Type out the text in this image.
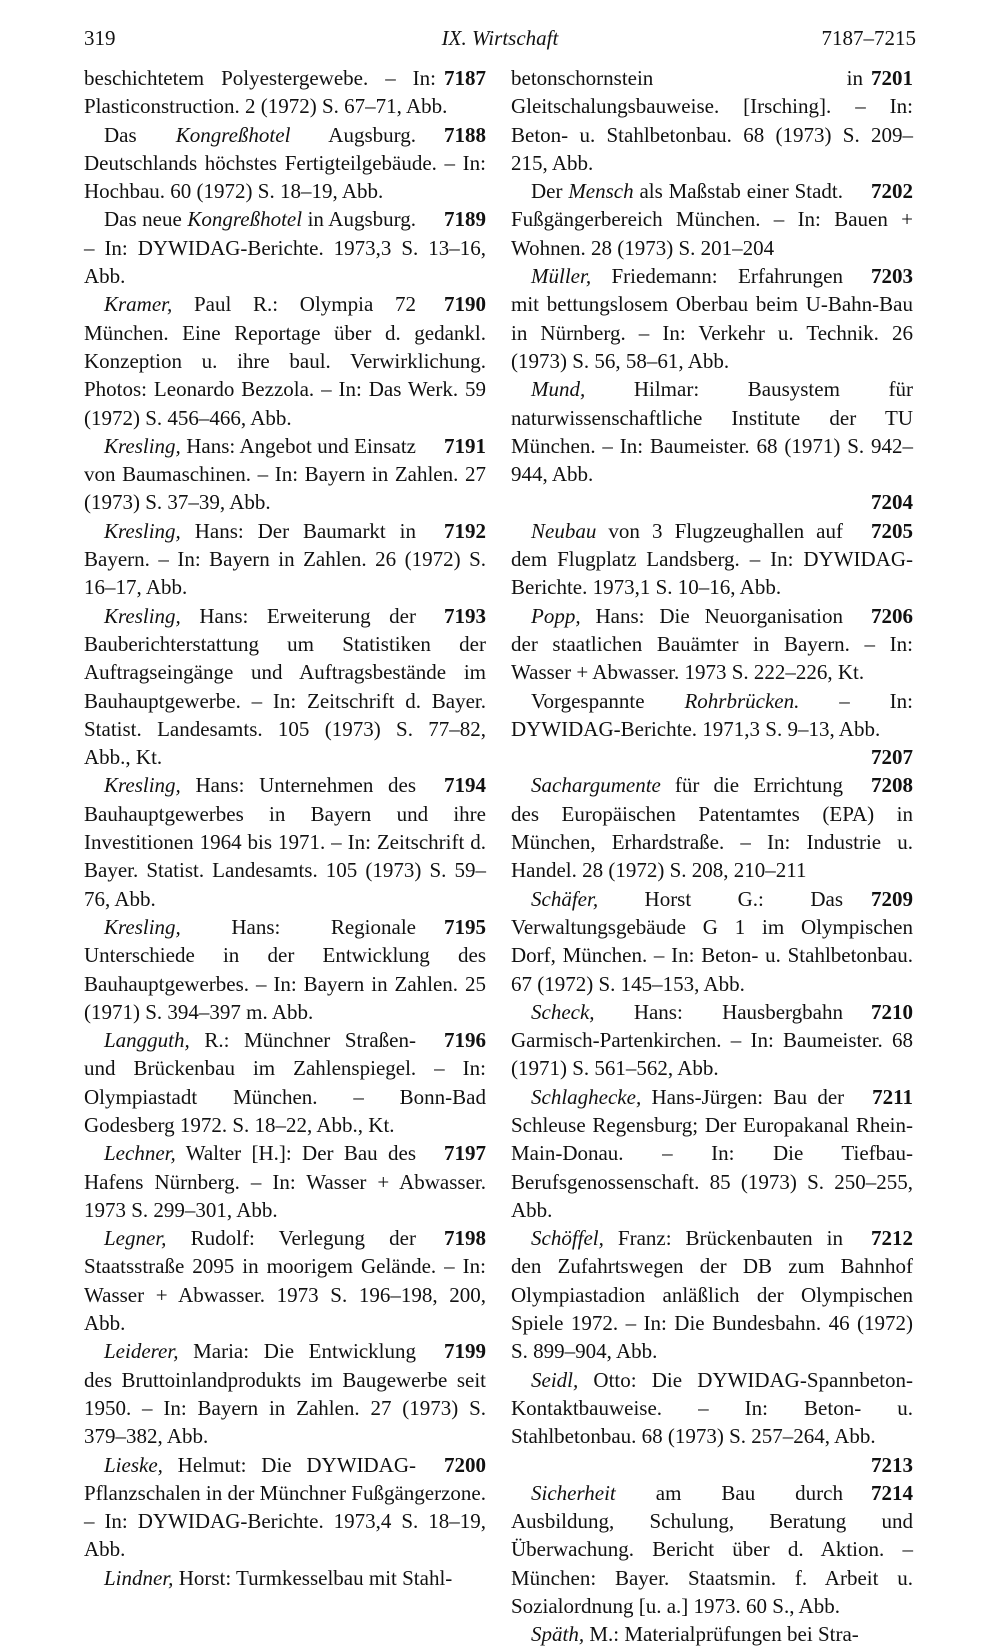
319	IX. Wirtschaft	7187–7215
7187
beschichtetem Polyestergewebe. – In: Plasticonstruction. 2 (1972) S. 67–71, Abb.
7188
Das Kongreßhotel Augsburg. Deutschlands höchstes Fertigteilgebäude. – In: Hochbau. 60 (1972) S. 18–19, Abb.
7189
Das neue Kongreßhotel in Augsburg. – In: DYWIDAG-Berichte. 1973,3 S. 13–16, Abb.
7190
Kramer, Paul R.: Olympia 72 München. Eine Reportage über d. gedankl. Konzeption u. ihre baul. Verwirklichung. Photos: Leonardo Bezzola. – In: Das Werk. 59 (1972) S. 456–466, Abb.
7191
Kresling, Hans: Angebot und Einsatz von Baumaschinen. – In: Bayern in Zahlen. 27 (1973) S. 37–39, Abb.
7192
Kresling, Hans: Der Baumarkt in Bayern. – In: Bayern in Zahlen. 26 (1972) S. 16–17, Abb.
7193
Kresling, Hans: Erweiterung der Bauberichterstattung um Statistiken der Auftragseingänge und Auftragsbestände im Bauhauptgewerbe. – In: Zeitschrift d. Bayer. Statist. Landesamts. 105 (1973) S. 77–82, Abb., Kt.
7194
Kresling, Hans: Unternehmen des Bauhauptgewerbes in Bayern und ihre Investitionen 1964 bis 1971. – In: Zeitschrift d. Bayer. Statist. Landesamts. 105 (1973) S. 59–76, Abb.
7195
Kresling, Hans: Regionale Unterschiede in der Entwicklung des Bauhauptgewerbes. – In: Bayern in Zahlen. 25 (1971) S. 394–397 m. Abb.
7196
Langguth, R.: Münchner Straßen- und Brückenbau im Zahlenspiegel. – In: Olympiastadt München. – Bonn-Bad Godesberg 1972. S. 18–22, Abb., Kt.
7197
Lechner, Walter [H.]: Der Bau des Hafens Nürnberg. – In: Wasser + Abwasser. 1973 S. 299–301, Abb.
7198
Legner, Rudolf: Verlegung der Staatsstraße 2095 in moorigem Gelände. – In: Wasser + Abwasser. 1973 S. 196–198, 200, Abb.
7199
Leiderer, Maria: Die Entwicklung des Bruttoinlandprodukts im Baugewerbe seit 1950. – In: Bayern in Zahlen. 27 (1973) S. 379–382, Abb.
7200
Lieske, Helmut: Die DYWIDAG-Pflanzschalen in der Münchner Fußgängerzone. – In: DYWIDAG-Berichte. 1973,4 S. 18–19, Abb.
Lindner, Horst: Turmkesselbau mit Stahl-
7201
betonschornstein in Gleitschalungsbauweise. [Irsching]. – In: Beton- u. Stahlbetonbau. 68 (1973) S. 209–215, Abb.
7202
Der Mensch als Maßstab einer Stadt. Fußgängerbereich München. – In: Bauen + Wohnen. 28 (1973) S. 201–204
7203
Müller, Friedemann: Erfahrungen mit bettungslosem Oberbau beim U-Bahn-Bau in Nürnberg. – In: Verkehr u. Technik. 26 (1973) S. 56, 58–61, Abb.
Mund, Hilmar: Bausystem für naturwissenschaftliche Institute der TU München. – In: Baumeister. 68 (1971) S. 942–944, Abb.
7204
7205
Neubau von 3 Flugzeughallen auf dem Flugplatz Landsberg. – In: DYWIDAG-Berichte. 1973,1 S. 10–16, Abb.
7206
Popp, Hans: Die Neuorganisation der staatlichen Bauämter in Bayern. – In: Wasser + Abwasser. 1973 S. 222–226, Kt.
Vorgespannte Rohrbrücken. – In: DYWIDAG-Berichte. 1971,3 S. 9–13, Abb.
7207
7208
Sachargumente für die Errichtung des Europäischen Patentamtes (EPA) in München, Erhardstraße. – In: Industrie u. Handel. 28 (1972) S. 208, 210–211
7209
Schäfer, Horst G.: Das Verwaltungsgebäude G 1 im Olympischen Dorf, München. – In: Beton- u. Stahlbetonbau. 67 (1972) S. 145–153, Abb.
7210
Scheck, Hans: Hausbergbahn Garmisch-Partenkirchen. – In: Baumeister. 68 (1971) S. 561–562, Abb.
7211
Schlaghecke, Hans-Jürgen: Bau der Schleuse Regensburg; Der Europakanal Rhein-Main-Donau. – In: Die Tiefbau-Berufsgenossenschaft. 85 (1973) S. 250–255, Abb.
7212
Schöffel, Franz: Brückenbauten in den Zufahrtswegen der DB zum Bahnhof Olympiastadion anläßlich der Olympischen Spiele 1972. – In: Die Bundesbahn. 46 (1972) S. 899–904, Abb.
Seidl, Otto: Die DYWIDAG-Spannbeton-Kontaktbauweise. – In: Beton- u. Stahlbetonbau. 68 (1973) S. 257–264, Abb.
7213
7214
Sicherheit am Bau durch Ausbildung, Schulung, Beratung und Überwachung. Bericht über d. Aktion. – München: Bayer. Staatsmin. f. Arbeit u. Sozialordnung [u. a.] 1973. 60 S., Abb.
Späth, M.: Materialprüfungen bei Stra-
